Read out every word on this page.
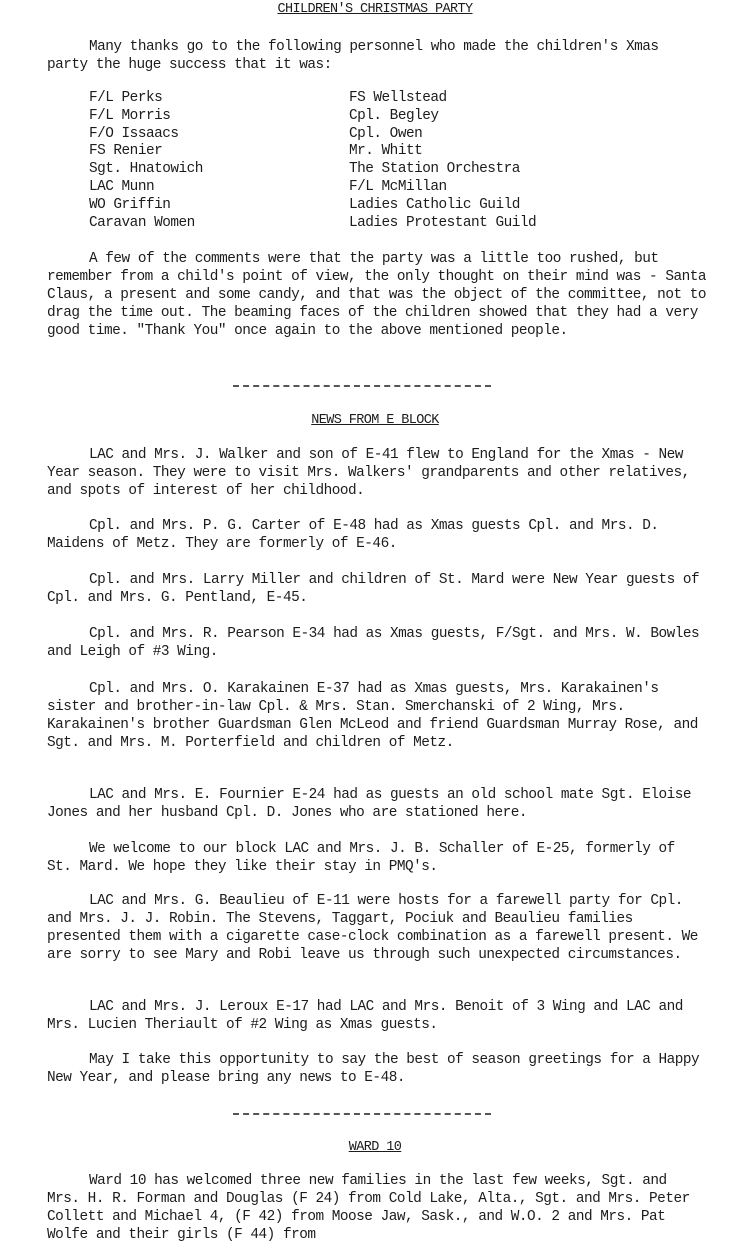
CHILDREN'S CHRISTMAS PARTY

Many thanks go to the following personnel who made the children's Xmas party the huge success that it was:

F/L Perks
F/L Morris
F/O Issaacs
FS Renier
Sgt. Hnatowich
LAC Munn
WO Griffin
Caravan Women
FS Wellstead
Cpl. Begley
Cpl. Owen
Mr. Whitt
The Station Orchestra
F/L McMillan
Ladies Catholic Guild
Ladies Protestant Guild

A few of the comments were that the party was a little too rushed, but remember from a child's point of view, the only thought on their mind was - Santa Claus, a present and some candy, and that was the object of the committee, not to drag the time out. The beaming faces of the children showed that they had a very good time. "Thank You" once again to the above mentioned people.

NEWS FROM E BLOCK

LAC and Mrs. J. Walker and son of E-41 flew to England for the Xmas - New Year season. They were to visit Mrs. Walkers' grandparents and other relatives, and spots of interest of her childhood.

Cpl. and Mrs. P. G. Carter of E-48 had as Xmas guests Cpl. and Mrs. D. Maidens of Metz. They are formerly of E-46.

Cpl. and Mrs. Larry Miller and children of St. Mard were New Year guests of Cpl. and Mrs. G. Pentland, E-45.

Cpl. and Mrs. R. Pearson E-34 had as Xmas guests, F/Sgt. and Mrs. W. Bowles and Leigh of #3 Wing.

Cpl. and Mrs. O. Karakainen E-37 had as Xmas guests, Mrs. Karakainen's sister and brother-in-law Cpl. & Mrs. Stan. Smerchanski of 2 Wing, Mrs. Karakainen's brother Guardsman Glen McLeod and friend Guardsman Murray Rose, and Sgt. and Mrs. M. Porterfield and children of Metz.

LAC and Mrs. E. Fournier E-24 had as guests an old school mate Sgt. Eloise Jones and her husband Cpl. D. Jones who are stationed here.

We welcome to our block LAC and Mrs. J. B. Schaller of E-25, formerly of St. Mard. We hope they like their stay in PMQ's.

LAC and Mrs. G. Beaulieu of E-11 were hosts for a farewell party for Cpl. and Mrs. J. J. Robin. The Stevens, Taggart, Pociuk and Beaulieu families presented them with a cigarette case-clock combination as a farewell present. We are sorry to see Mary and Robi leave us through such unexpected circumstances.

LAC and Mrs. J. Leroux E-17 had LAC and Mrs. Benoit of 3 Wing and LAC and Mrs. Lucien Theriault of #2 Wing as Xmas guests.

May I take this opportunity to say the best of season greetings for a Happy New Year, and please bring any news to E-48.

WARD 10

Ward 10 has welcomed three new families in the last few weeks, Sgt. and Mrs. H. R. Forman and Douglas (F 24) from Cold Lake, Alta., Sgt. and Mrs. Peter Collett and Michael 4, (F 42) from Moose Jaw, Sask., and W.O. 2 and Mrs. Pat Wolfe and their girls (F 44) from
